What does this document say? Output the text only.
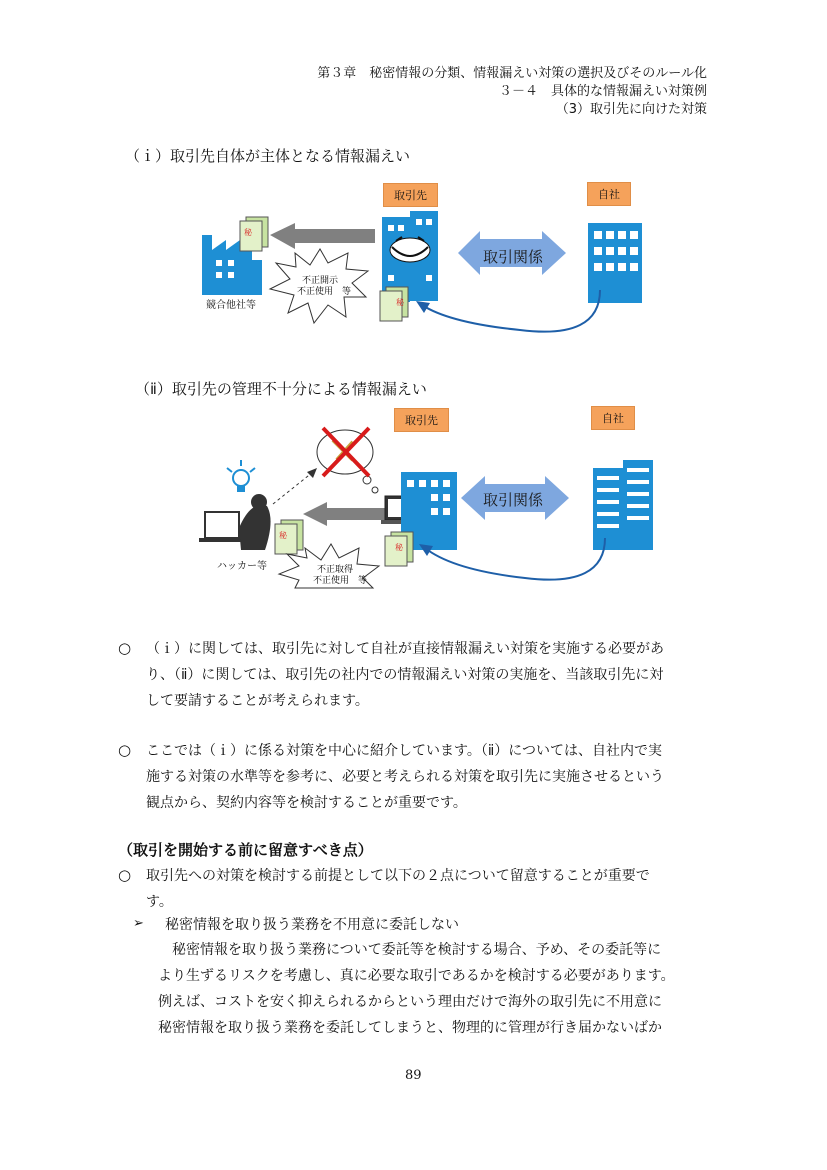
第３章　秘密情報の分類、情報漏えい対策の選択及びそのルール化
３－４　具体的な情報漏えい対策例
（3）取引先に向けた対策
（ｉ）取引先自体が主体となる情報漏えい
取引先	自社
秘
不正開示
不正使用　等
秘
競合他社等
取引関係
（ⅱ）取引先の管理不十分による情報漏えい
取引先	自社
秘
不正取得
不正使用　等
秘
ハッカー等
取引関係
○ （ｉ）に関しては、取引先に対して自社が直接情報漏えい対策を実施する必要があ
り、（ⅱ）に関しては、取引先の社内での情報漏えい対策の実施を、当該取引先に対
して要請することが考えられます。
○ ここでは（ｉ）に係る対策を中心に紹介しています。（ⅱ）については、自社内で実
施する対策の水準等を参考に、必要と考えられる対策を取引先に実施させるという
観点から、契約内容等を検討することが重要です。
（取引を開始する前に留意すべき点）
○ 取引先への対策を検討する前提として以下の２点について留意することが重要で
す。
➢ 秘密情報を取り扱う業務を不用意に委託しない
秘密情報を取り扱う業務について委託等を検討する場合、予め、その委託等に
より生ずるリスクを考慮し、真に必要な取引であるかを検討する必要があります。
例えば、コストを安く抑えられるからという理由だけで海外の取引先に不用意に
秘密情報を取り扱う業務を委託してしまうと、物理的に管理が行き届かないばか
89
